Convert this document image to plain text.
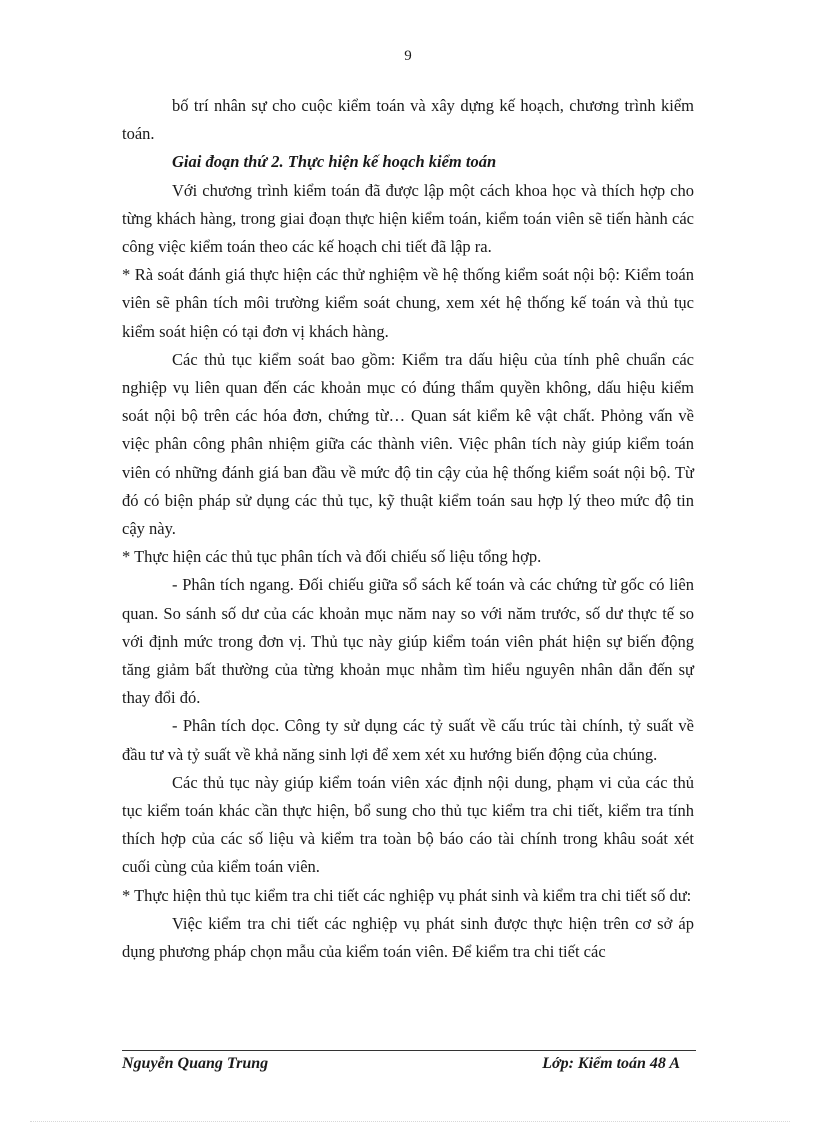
9

bố trí nhân sự cho cuộc kiểm toán và xây dựng kế hoạch, chương trình kiểm toán.

Giai đoạn thứ 2. Thực hiện kế hoạch kiểm toán

Với chương trình kiểm toán đã được lập một cách khoa học và thích hợp cho từng khách hàng, trong giai đoạn thực hiện kiểm toán, kiểm toán viên sẽ tiến hành các công việc kiểm toán theo các kế hoạch chi tiết đã lập ra.

* Rà soát đánh giá thực hiện các thử nghiệm về hệ thống kiểm soát nội bộ: Kiểm toán viên sẽ phân tích môi trường kiểm soát chung, xem xét hệ thống kế toán và thủ tục kiểm soát hiện có tại đơn vị khách hàng.

Các thủ tục kiểm soát bao gồm: Kiểm tra dấu hiệu của tính phê chuẩn các nghiệp vụ liên quan đến các khoản mục có đúng thẩm quyền không, dấu hiệu kiểm soát nội bộ trên các hóa đơn, chứng từ… Quan sát kiểm kê vật chất. Phỏng vấn về việc phân công phân nhiệm giữa các thành viên. Việc phân tích này giúp kiểm toán viên có những đánh giá ban đầu về mức độ tin cậy của hệ thống kiểm soát nội bộ. Từ đó có biện pháp sử dụng các thủ tục, kỹ thuật kiểm toán sau hợp lý theo mức độ tin cậy này.

* Thực hiện các thủ tục phân tích và đối chiếu số liệu tổng hợp.

- Phân tích ngang. Đối chiếu giữa sổ sách kế toán và các chứng từ gốc có liên quan. So sánh số dư của các khoản mục năm nay so với năm trước, số dư thực tế so với định mức trong đơn vị. Thủ tục này giúp kiểm toán viên phát hiện sự biến động tăng giảm bất thường của từng khoản mục nhằm tìm hiểu nguyên nhân dẫn đến sự thay đổi đó.

- Phân tích dọc. Công ty sử dụng các tỷ suất về cấu trúc tài chính, tỷ suất về đầu tư và tỷ suất về khả năng sinh lợi để xem xét xu hướng biến động của chúng.

Các thủ tục này giúp kiểm toán viên xác định nội dung, phạm vi của các thủ tục kiểm toán khác cần thực hiện, bổ sung cho thủ tục kiểm tra chi tiết, kiểm tra tính thích hợp của các số liệu và kiểm tra toàn bộ báo cáo tài chính trong khâu soát xét cuối cùng của kiểm toán viên.

* Thực hiện thủ tục kiểm tra chi tiết các nghiệp vụ phát sinh và kiểm tra chi tiết số dư:

Việc kiểm tra chi tiết các nghiệp vụ phát sinh được thực hiện trên cơ sở áp dụng phương pháp chọn mẫu của kiểm toán viên. Để kiểm tra chi tiết các

Nguyễn Quang Trung	Lớp: Kiểm toán 48 A
